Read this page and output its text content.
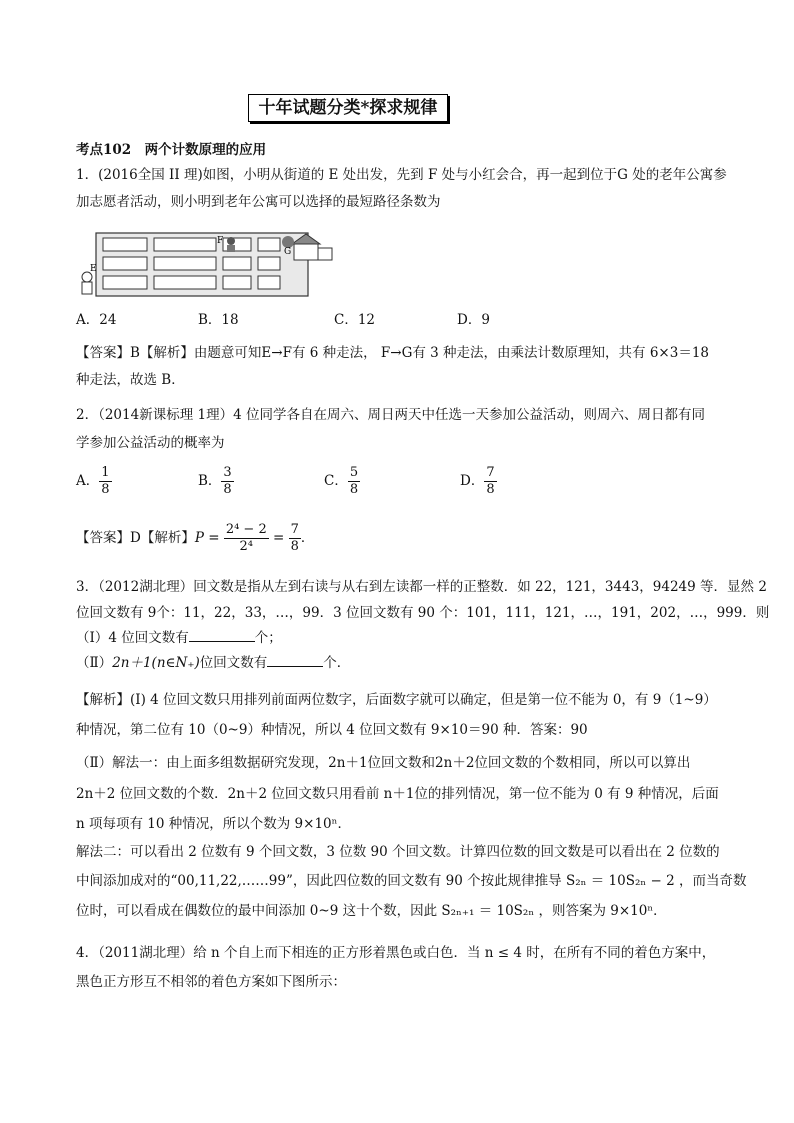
十年试题分类*探求规律
考点102　两个计数原理的应用
1．(2016全国 II 理)如图，小明从街道的 E 处出发，先到 F 处与小红会合，再一起到位于G 处的老年公寓参
加志愿者活动，则小明到老年公寓可以选择的最短路径条数为
E
F
G
A．24	B．18	C．12	D．9
【答案】B【解析】由题意可知E→F有 6 种走法， F→G有 3 种走法，由乘法计数原理知，共有 6×3＝18
种走法，故选 B．
2．（2014新课标理 1理）4 位同学各自在周六、周日两天中任选一天参加公益活动，则周六、周日都有同
学参加公益活动的概率为
A． $\frac{1}{8}$	B． $\frac{3}{8}$	C． $\frac{5}{8}$	D． $\frac{7}{8}$
【答案】D【解析】$P = \frac{\text{2⁴ − 2}}{\text{2⁴}} = \frac{7}{8}$ ．
3．（2012湖北理）回文数是指从左到右读与从右到左读都一样的正整数．如 22，121，3443，94249 等．显然 2
位回文数有 9个：11，22，33，…，99．3 位回文数有 90 个：101，111，121，…，191，202，…，999．则
（Ⅰ）4 位回文数有	个；
（Ⅱ）2n＋1(n∈N₊)位回文数有	个．
【解析】(Ⅰ) 4 位回文数只用排列前面两位数字，后面数字就可以确定，但是第一位不能为 0，有 9（1~9）
种情况，第二位有 10（0~9）种情况，所以 4 位回文数有 9×10＝90 种．答案：90
（Ⅱ）解法一：由上面多组数据研究发现，2n＋1位回文数和2n＋2位回文数的个数相同，所以可以算出
2n＋2 位回文数的个数．2n＋2 位回文数只用看前 n＋1位的排列情况，第一位不能为 0 有 9 种情况，后面
n 项每项有 10 种情况，所以个数为 9×10ⁿ．
解法二：可以看出 2 位数有 9 个回文数，3 位数 90 个回文数。计算四位数的回文数是可以看出在 2 位数的
中间添加成对的“00,11,22,……99”，因此四位数的回文数有 90 个按此规律推导 S₂ₙ ＝ 10S₂ₙ − 2 ，而当奇数
位时，可以看成在偶数位的最中间添加 0~9 这十个数，因此 S₂ₙ₊₁ ＝ 10S₂ₙ ，则答案为 9×10ⁿ．
4．（2011湖北理）给 n 个自上而下相连的正方形着黑色或白色．当 n ≤ 4 时，在所有不同的着色方案中，
黑色正方形互不相邻的着色方案如下图所示：
